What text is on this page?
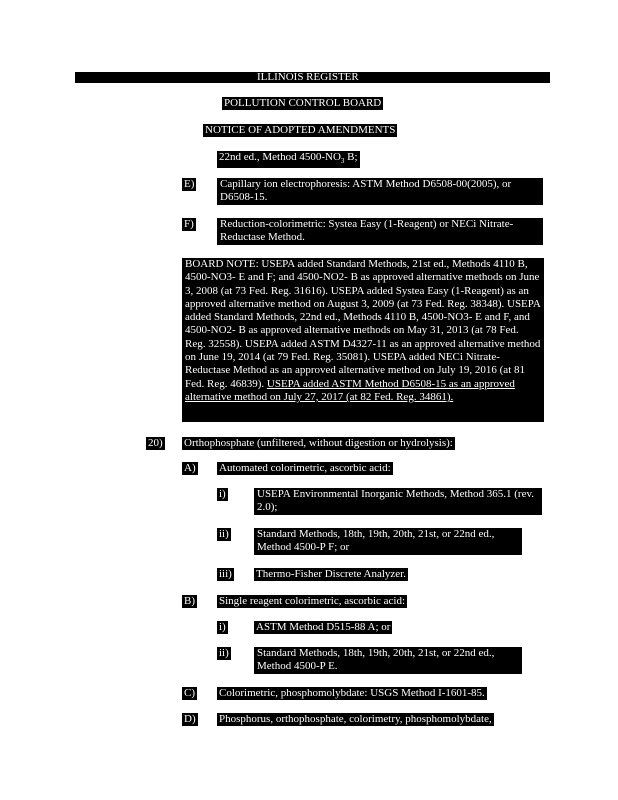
ILLINOIS REGISTER
POLLUTION CONTROL BOARD
NOTICE OF ADOPTED AMENDMENTS
22nd ed., Method $4500-NO_3$ B;
E) Capillary ion electrophoresis: ASTM Method D6508-00(2005), or D6508-15.
F) Reduction-colorimetric: Systea Easy (1-Reagent) or NECi Nitrate-Reductase Method.
BOARD NOTE: USEPA added Standard Methods, 21st ed., Methods 4110 B, 4500-NO3- E and F; and 4500-NO2- B as approved alternative methods on June 3, 2008 (at 73 Fed. Reg. 31616). USEPA added Systea Easy (1-Reagent) as an approved alternative method on August 3, 2009 (at 73 Fed. Reg. 38348). USEPA added Standard Methods, 22nd ed., Methods 4110 B, 4500-NO3- E and F, and 4500-NO2- B as approved alternative methods on May 31, 2013 (at 78 Fed. Reg. 32558). USEPA added ASTM D4327-11 as an approved alternative method on June 19, 2014 (at 79 Fed. Reg. 35081). USEPA added NECi Nitrate-Reductase Method as an approved alternative method on July 19, 2016 (at 81 Fed. Reg. 46839). USEPA added ASTM Method D6508-15 as an approved alternative method on July 27, 2017 (at 82 Fed. Reg. 34861).
20) Orthophosphate (unfiltered, without digestion or hydrolysis):
A) Automated colorimetric, ascorbic acid:
i)	USEPA Environmental Inorganic Methods, Method 365.1 (rev. 2.0);
ii)	Standard Methods, 18th, 19th, 20th, 21st, or 22nd ed., Method 4500-P F; or
iii) Thermo-Fisher Discrete Analyzer.
B) Single reagent colorimetric, ascorbic acid:
i)	ASTM Method D515-88 A; or
ii)	Standard Methods, 18th, 19th, 20th, 21st, or 22nd ed., Method 4500-P E.
C) Colorimetric, phosphomolybdate: USGS Method I-1601-85.
D) Phosphorus, orthophosphate, colorimetry, phosphomolybdate,
